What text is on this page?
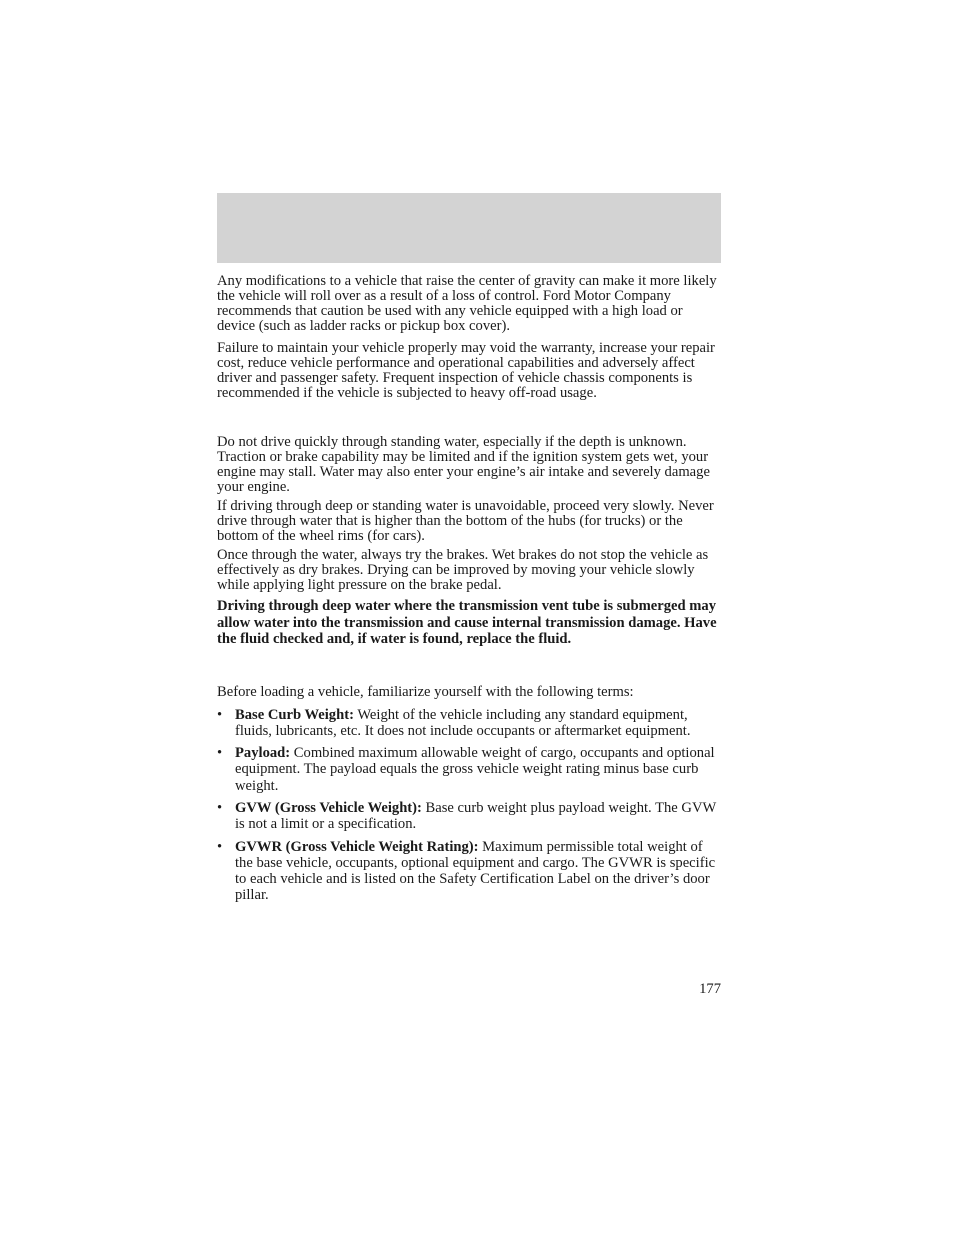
Any modifications to a vehicle that raise the center of gravity can make it more likely the vehicle will roll over as a result of a loss of control. Ford Motor Company recommends that caution be used with any vehicle equipped with a high load or device (such as ladder racks or pickup box cover).

Failure to maintain your vehicle properly may void the warranty, increase your repair cost, reduce vehicle performance and operational capabilities and adversely affect driver and passenger safety. Frequent inspection of vehicle chassis components is recommended if the vehicle is subjected to heavy off-road usage.

Do not drive quickly through standing water, especially if the depth is unknown. Traction or brake capability may be limited and if the ignition system gets wet, your engine may stall. Water may also enter your engine’s air intake and severely damage your engine.

If driving through deep or standing water is unavoidable, proceed very slowly. Never drive through water that is higher than the bottom of the hubs (for trucks) or the bottom of the wheel rims (for cars).

Once through the water, always try the brakes. Wet brakes do not stop the vehicle as effectively as dry brakes. Drying can be improved by moving your vehicle slowly while applying light pressure on the brake pedal.

Driving through deep water where the transmission vent tube is submerged may allow water into the transmission and cause internal transmission damage. Have the fluid checked and, if water is found, replace the fluid.

Before loading a vehicle, familiarize yourself with the following terms:

• Base Curb Weight: Weight of the vehicle including any standard equipment, fluids, lubricants, etc. It does not include occupants or aftermarket equipment.
• Payload: Combined maximum allowable weight of cargo, occupants and optional equipment. The payload equals the gross vehicle weight rating minus base curb weight.
• GVW (Gross Vehicle Weight): Base curb weight plus payload weight. The GVW is not a limit or a specification.
• GVWR (Gross Vehicle Weight Rating): Maximum permissible total weight of the base vehicle, occupants, optional equipment and cargo. The GVWR is specific to each vehicle and is listed on the Safety Certification Label on the driver’s door pillar.
177
